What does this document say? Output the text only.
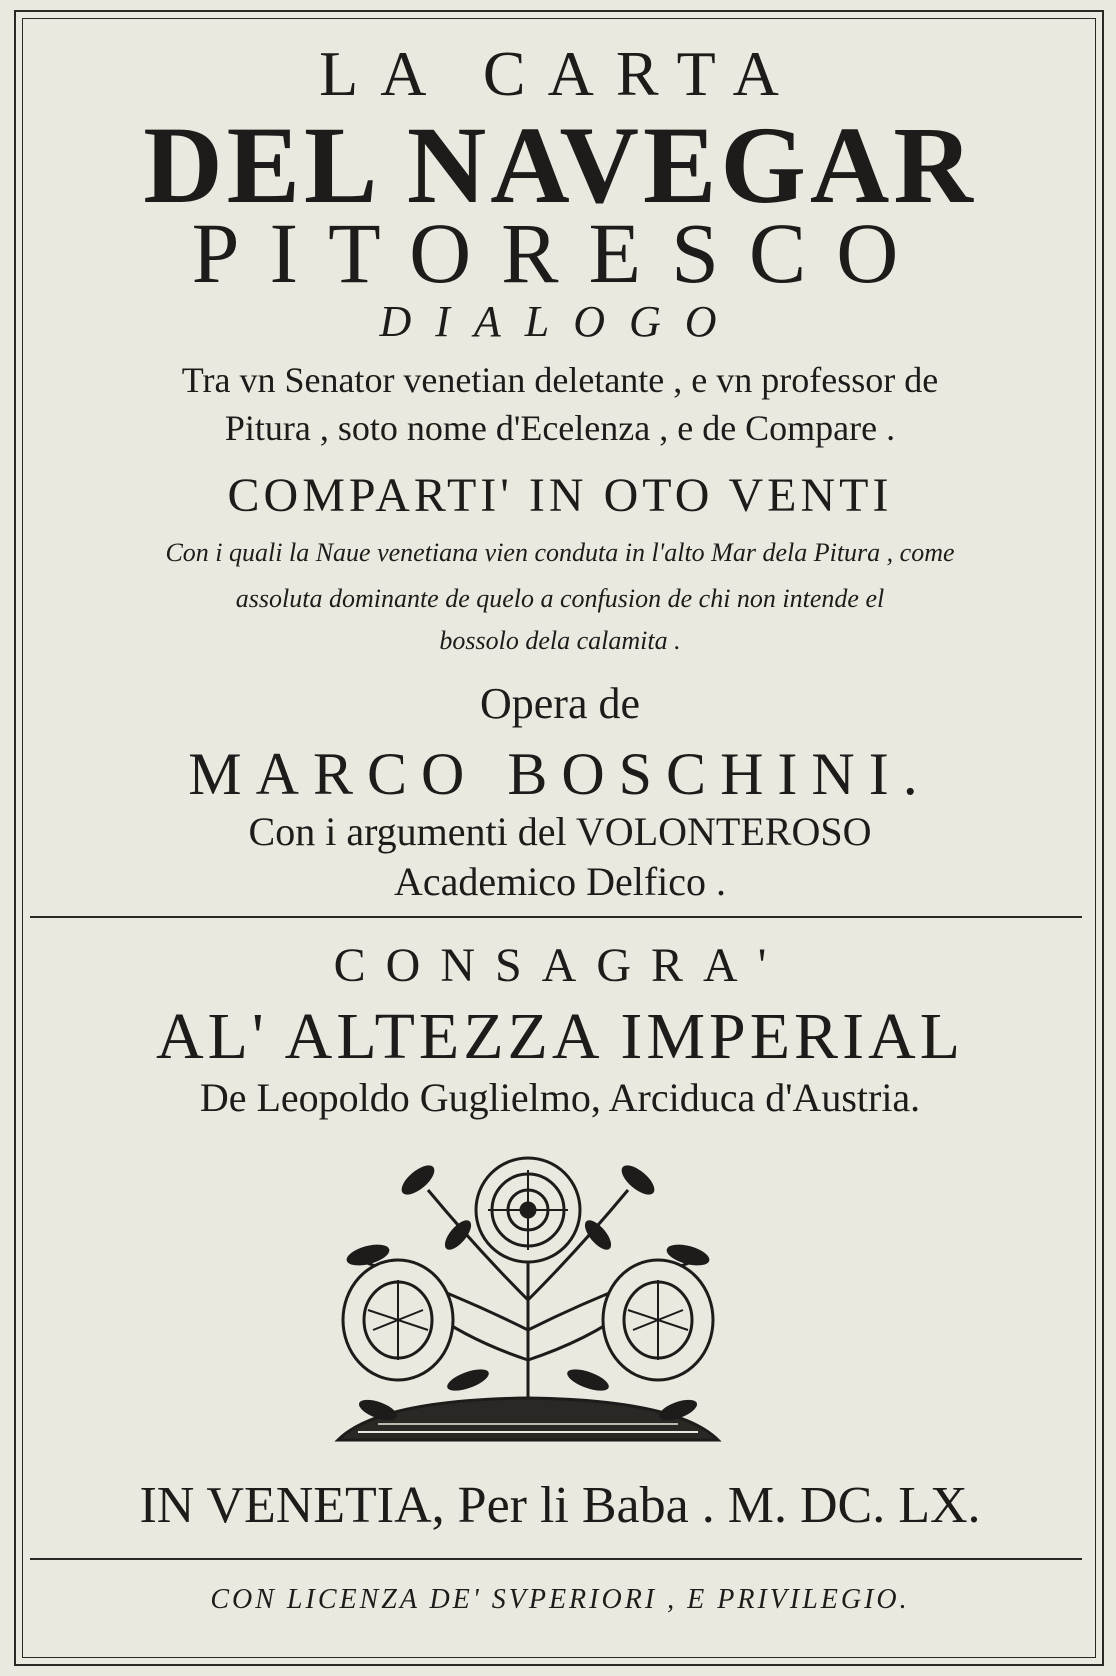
LA CARTA
DEL NAVEGAR
PITORESCO
DIALOGO
Tra vn Senator venetian deletante , e vn professor de
Pitura , soto nome d'Ecelenza , e de Compare .
COMPARTI' IN OTO VENTI
Con i quali la Naue venetiana vien conduta in l'alto Mar dela Pitura , come
assoluta dominante de quelo a confusion de chi non intende el
bossolo dela calamita .
Opera de
MARCO BOSCHINI.
Con i argumenti del VOLONTEROSO
Academico Delfico .
CONSAGRA'
AL' ALTEZZA IMPERIAL
De Leopoldo Guglielmo, Arciduca d'Austria.
IN VENETIA, Per li Baba . M. DC. LX.
CON LICENZA DE' SVPERIORI , E PRIVILEGIO.
